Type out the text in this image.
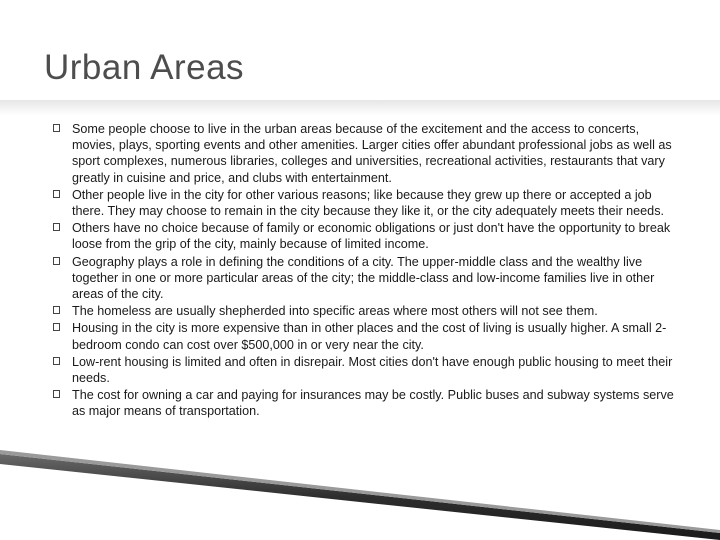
Urban Areas
Some people choose to live in the urban areas because of the excitement and the access to concerts, movies, plays, sporting events and other amenities. Larger cities offer abundant professional jobs as well as sport complexes, numerous libraries, colleges and universities, recreational activities, restaurants that vary greatly in cuisine and price, and clubs with entertainment.
Other people live in the city for other various reasons; like because they grew up there or accepted a job there. They may choose to remain in the city because they like it, or the city adequately meets their needs.
Others have no choice because of family or economic obligations or just don't have the opportunity to break loose from the grip of the city, mainly because of limited income.
Geography plays a role in defining the conditions of a city. The upper-middle class and the wealthy live together in one or more particular areas of the city; the middle-class and low-income families live in other areas of the city.
The homeless are usually shepherded into specific areas where most others will not see them.
Housing in the city is more expensive than in other places and the cost of living is usually higher. A small 2-bedroom condo can cost over $500,000 in or very near the city.
Low-rent housing is limited and often in disrepair. Most cities don't have enough public housing to meet their needs.
The cost for owning a car and paying for insurances may be costly. Public buses and subway systems serve as major means of transportation.
